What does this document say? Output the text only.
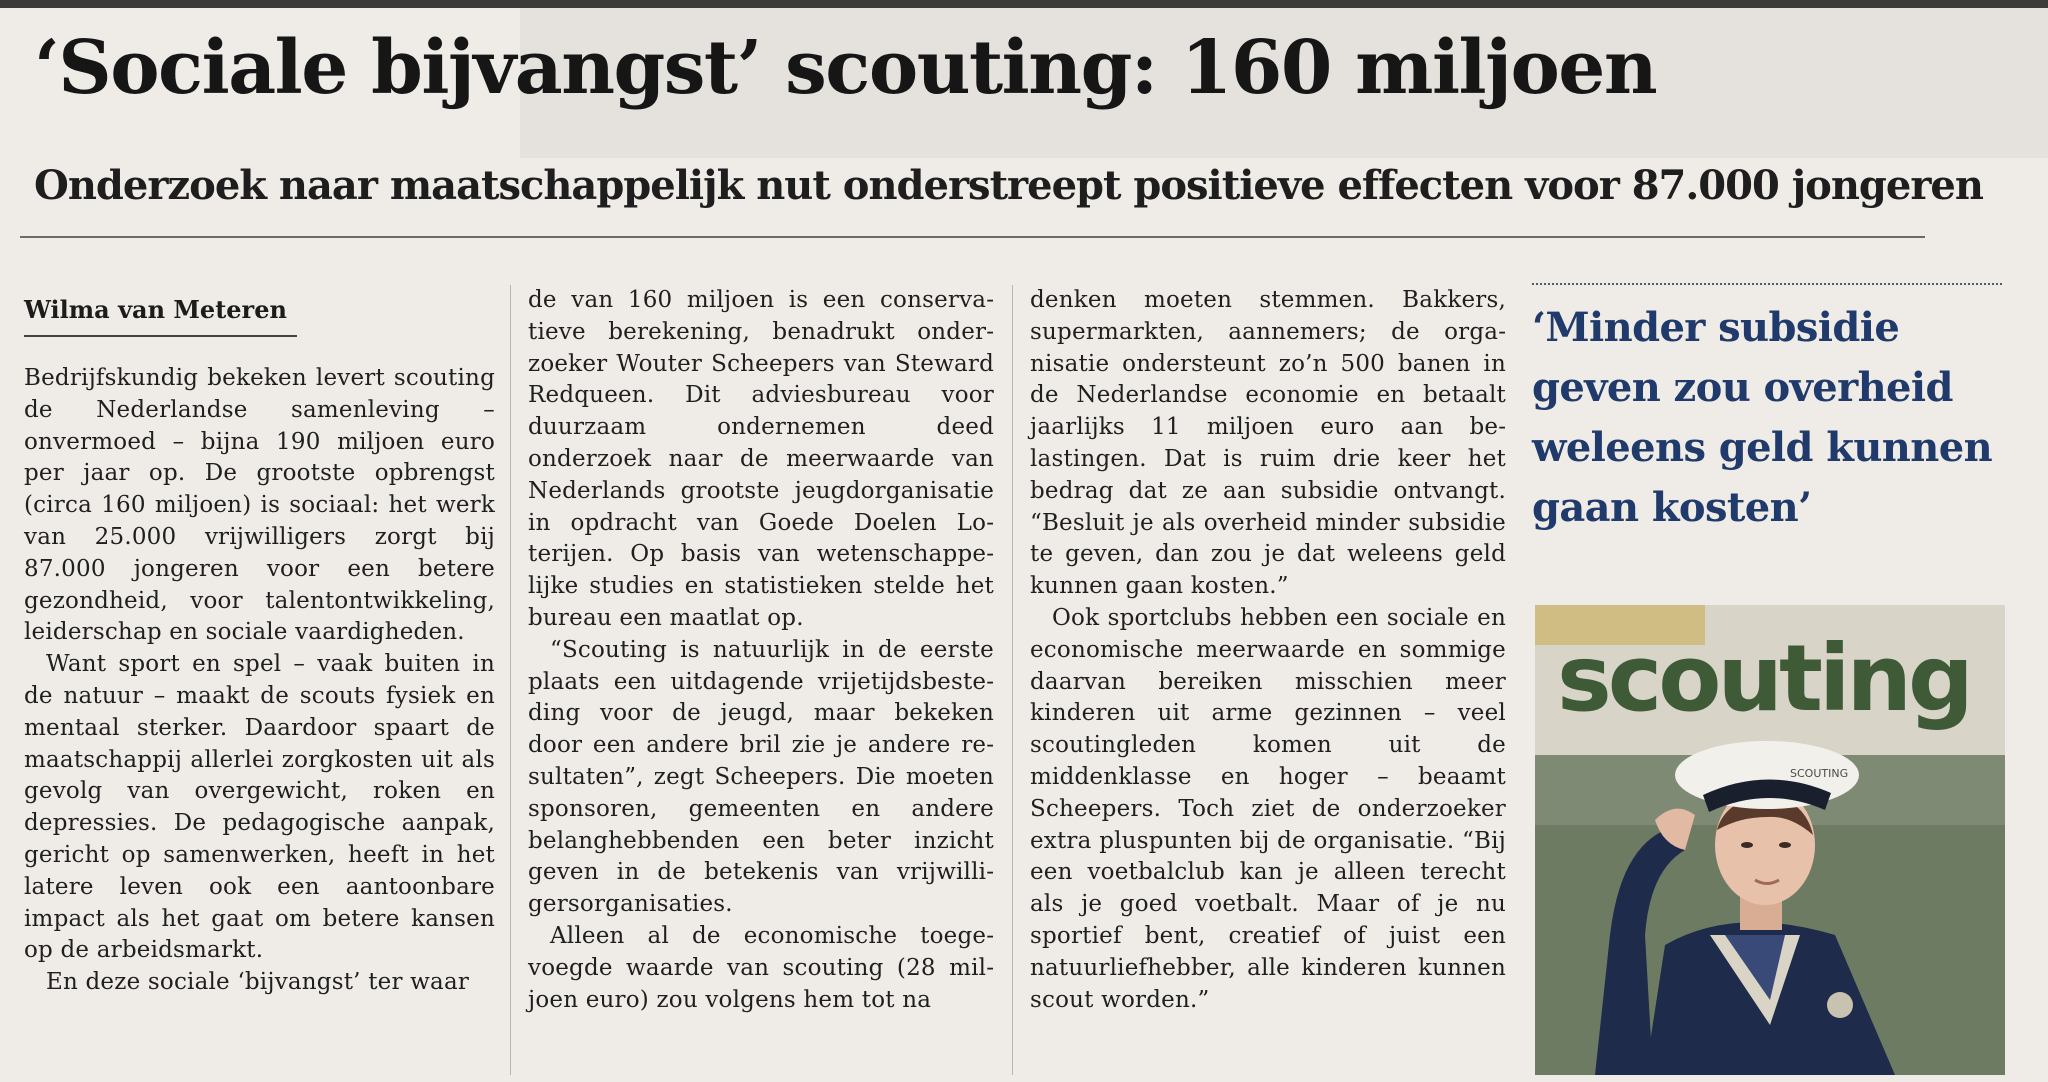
‘Sociale bijvangst’ scouting: 160 miljoen
Onderzoek naar maatschappelijk nut onderstreept positieve effecten voor 87.000 jongeren
Wilma van Meteren

Bedrijfskundig bekeken levert scouting de Nederlandse samenleving – onvermoed – bijna 190 miljoen euro per jaar op. De grootste opbrengst (circa 160 miljoen) is sociaal: het werk van 25.000 vrijwilligers zorgt bij 87.000 jongeren voor een betere gezondheid, voor talentontwikkeling, leiderschap en sociale vaardigheden.

Want sport en spel – vaak buiten in de natuur – maakt de scouts fysiek en mentaal sterker. Daardoor spaart de maatschappij allerlei zorgkosten uit als gevolg van overgewicht, roken en depressies. De pedagogische aanpak, gericht op samenwerken, heeft in het latere leven ook een aantoonbare impact als het gaat om betere kansen op de arbeidsmarkt.

En deze sociale ‘bijvangst’ ter waar

de van 160 miljoen is een conservatieve berekening, benadrukt onderzoeker Wouter Scheepers van Steward Redqueen. Dit adviesbureau voor duurzaam ondernemen deed onderzoek naar de meerwaarde van Nederlands grootste jeugdorganisatie in opdracht van Goede Doelen Loterijen. Op basis van wetenschappelijke studies en statistieken stelde het bureau een maatlat op.

“Scouting is natuurlijk in de eerste plaats een uitdagende vrijetijdsbesteding voor de jeugd, maar bekeken door een andere bril zie je andere resultaten”, zegt Scheepers. Die moeten sponsoren, gemeenten en andere belanghebbenden een beter inzicht geven in de betekenis van vrijwilligersorganisaties.

Alleen al de economische toegevoegde waarde van scouting (28 miljoen euro) zou volgens hem tot na

denken moeten stemmen. Bakkers, supermarkten, aannemers; de organisatie ondersteunt zo’n 500 banen in de Nederlandse economie en betaalt jaarlijks 11 miljoen euro aan belastingen. Dat is ruim drie keer het bedrag dat ze aan subsidie ontvangt. “Besluit je als overheid minder subsidie te geven, dan zou je dat weleens geld kunnen gaan kosten.”

Ook sportclubs hebben een sociale en economische meerwaarde en sommige daarvan bereiken misschien meer kinderen uit arme gezinnen – veel scoutingleden komen uit de middenklasse en hoger – beaamt Scheepers. Toch ziet de onderzoeker extra pluspunten bij de organisatie. “Bij een voetbalclub kan je alleen terecht als je goed voetbalt. Maar of je nu sportief bent, creatief of juist een natuurliefhebber, alle kinderen kunnen scout worden.”

‘Minder subsidie geven zou overheid weleens geld kunnen gaan kosten’

scouting
SCOUTING
